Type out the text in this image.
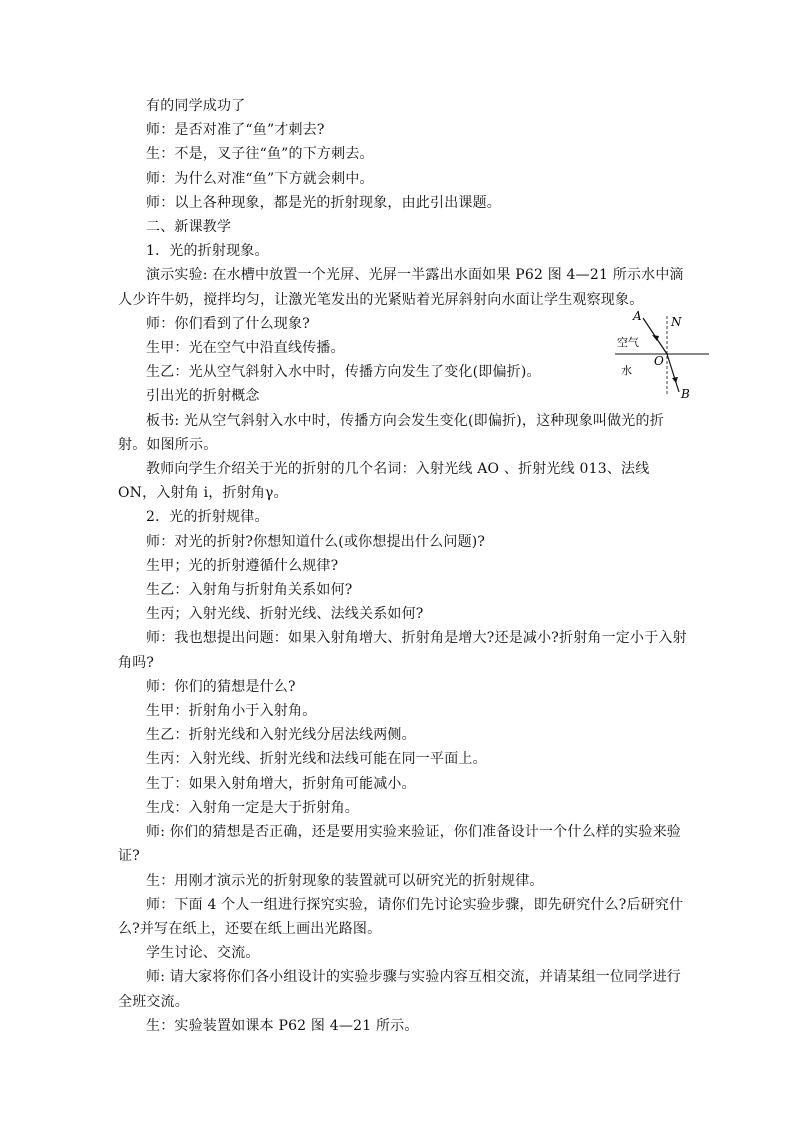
有的同学成功了

师：是否对准了“鱼”才刺去?

生：不是，叉子往“鱼”的下方刺去。

师：为什么对准“鱼”下方就会刺中。

师：以上各种现象，都是光的折射现象，由此引出课题。

二、新课教学

1．光的折射现象。

演示实验: 在水槽中放置一个光屏、光屏一半露出水面如果 P62 图 4—21 所示水中滴人少许牛奶，搅拌均匀，让激光笔发出的光紧贴着光屏斜射向水面让学生观察现象。

师：你们看到了什么现象?

生甲：光在空气中沿直线传播。

生乙：光从空气斜射入水中时，传播方向发生了变化(即偏折)。

引出光的折射概念

板书: 光从空气斜射入水中时，传播方向会发生变化(即偏折)，这种现象叫做光的折射。如图所示。

教师向学生介绍关于光的折射的几个名词：入射光线 AO 、折射光线 013、法线 ON，入射角 i，折射角γ。

2．光的折射规律。

师：对光的折射?你想知道什么(或你想提出什么问题)?

生甲；光的折射遵循什么规律?

生乙：入射角与折射角关系如何?

生丙；入射光线、折射光线、法线关系如何?

师：我也想提出问题：如果入射角增大、折射角是增大?还是减小?折射角一定小于入射角吗?

师：你们的猜想是什么?

生甲：折射角小于入射角。

生乙：折射光线和入射光线分居法线两侧。

生丙：入射光线、折射光线和法线可能在同一平面上。

生丁：如果入射角增大，折射角可能减小。

生戊：入射角一定是大于折射角。

师: 你们的猜想是否正确，还是要用实验来验证，你们准备设计一个什么样的实验来验证?

生：用刚才演示光的折射现象的装置就可以研究光的折射规律。

师：下面 4 个人一组进行探究实验，请你们先讨论实验步骤，即先研究什么?后研究什么?并写在纸上，还要在纸上画出光路图。

学生讨论、交流。

师: 请大家将你们各小组设计的实验步骤与实验内容互相交流，并请某组一位同学进行全班交流。

生：实验装置如课本 P62 图 4—21 所示。

A N
空气
O
水
B
